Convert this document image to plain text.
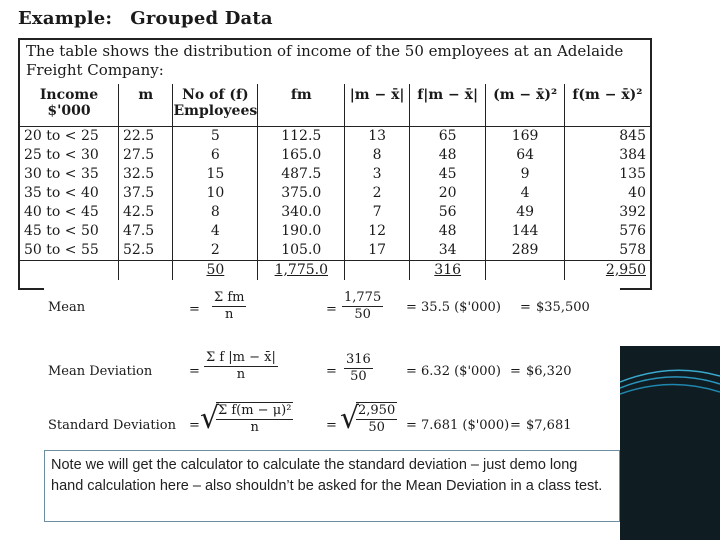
Example: Grouped Data
The table shows the distribution of income of the 50 employees at an Adelaide Freight Company:
Income $'000	m	No of (f) Employees	fm	|m − x̄|	f|m − x̄|	(m − x̄)²	f(m − x̄)²
20 to < 25	22.5	5	112.5	13	65	169	845
25 to < 30	27.5	6	165.0	8	48	64	384
30 to < 35	32.5	15	487.5	3	45	9	135
35 to < 40	37.5	10	375.0	2	20	4	40
40 to < 45	42.5	8	340.0	7	56	49	392
45 to < 50	47.5	4	190.0	12	48	144	576
50 to < 55	52.5	2	105.0	17	34	289	578
		50	1,775.0		316		2,950
Mean	= $\frac{\text{Σ fm}}{n}$	= $\frac{1,775}{50} = 35.5$ ($'000) = $35,500
Mean Deviation	= $\frac{\text{Σ f |m − x̄|}}{n}$	= $\frac{316}{50}$	= 6.32 ($'000) = $6,320
Standard Deviation = √
$\frac{\text{Σ f(m − μ)²}}{n}$	= √
$\frac{2,950}{50} = 7.681$ ($'000) = $7,681
Note we will get the calculator to calculate the standard deviation – just demo long hand calculation here – also shouldn’t be asked for the Mean Deviation in a class test.
